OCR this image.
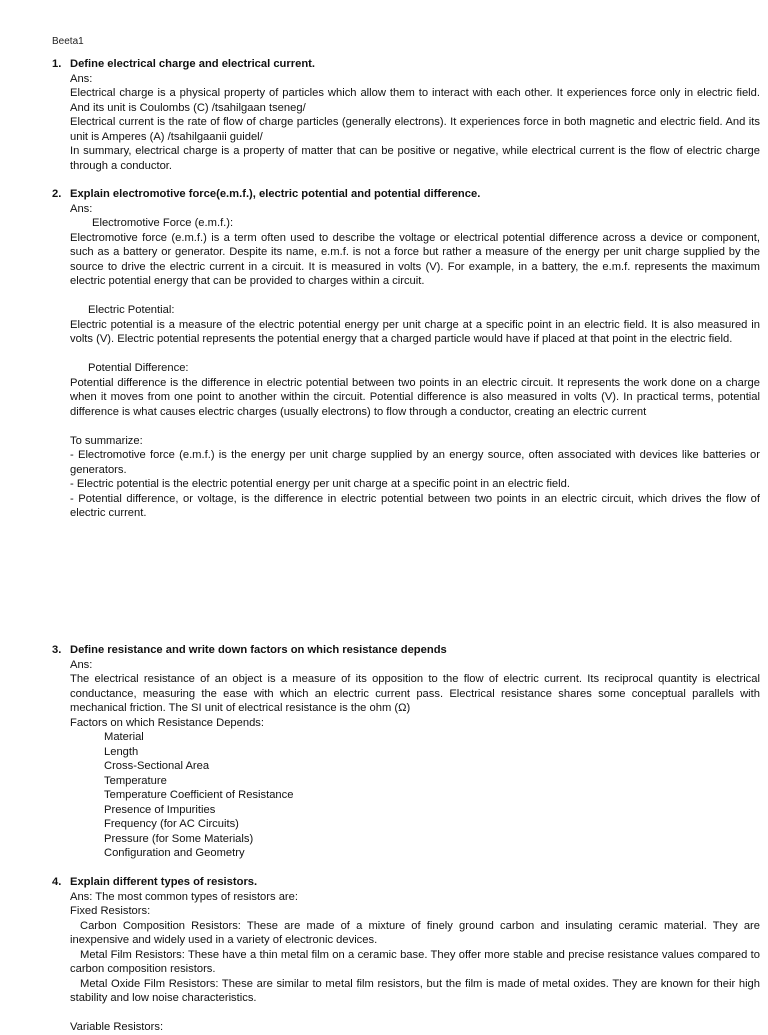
Beeta1
1. Define electrical charge and electrical current.
Ans:
Electrical charge is a physical property of particles which allow them to interact with each other. It experiences force only in electric field. And its unit is Coulombs (C) /tsahilgaan tseneg/
Electrical current is the rate of flow of charge particles (generally electrons). It experiences force in both magnetic and electric field. And its unit is Amperes (A) /tsahilgaanii guidel/
In summary, electrical charge is a property of matter that can be positive or negative, while electrical current is the flow of electric charge through a conductor.
2. Explain electromotive force(e.m.f.), electric potential and potential difference.
Ans:
Electromotive Force (e.m.f.):
Electromotive force (e.m.f.) is a term often used to describe the voltage or electrical potential difference across a device or component, such as a battery or generator. Despite its name, e.m.f. is not a force but rather a measure of the energy per unit charge supplied by the source to drive the electric current in a circuit. It is measured in volts (V). For example, in a battery, the e.m.f. represents the maximum electric potential energy that can be provided to charges within a circuit.
Electric Potential:
Electric potential is a measure of the electric potential energy per unit charge at a specific point in an electric field. It is also measured in volts (V). Electric potential represents the potential energy that a charged particle would have if placed at that point in the electric field.
Potential Difference:
Potential difference is the difference in electric potential between two points in an electric circuit. It represents the work done on a charge when it moves from one point to another within the circuit. Potential difference is also measured in volts (V). In practical terms, potential difference is what causes electric charges (usually electrons) to flow through a conductor, creating an electric current
To summarize:
- Electromotive force (e.m.f.) is the energy per unit charge supplied by an energy source, often associated with devices like batteries or generators.
- Electric potential is the electric potential energy per unit charge at a specific point in an electric field.
- Potential difference, or voltage, is the difference in electric potential between two points in an electric circuit, which drives the flow of electric current.
3. Define resistance and write down factors on which resistance depends
Ans:
The electrical resistance of an object is a measure of its opposition to the flow of electric current. Its reciprocal quantity is electrical conductance, measuring the ease with which an electric current pass. Electrical resistance shares some conceptual parallels with mechanical friction. The SI unit of electrical resistance is the ohm (Ω)
Factors on which Resistance Depends:
Material
Length
Cross-Sectional Area
Temperature
Temperature Coefficient of Resistance
Presence of Impurities
Frequency (for AC Circuits)
Pressure (for Some Materials)
Configuration and Geometry
4. Explain different types of resistors.
Ans: The most common types of resistors are:
Fixed Resistors:
Carbon Composition Resistors: These are made of a mixture of finely ground carbon and insulating ceramic material. They are inexpensive and widely used in a variety of electronic devices.
Metal Film Resistors: These have a thin metal film on a ceramic base. They offer more stable and precise resistance values compared to carbon composition resistors.
Metal Oxide Film Resistors: These are similar to metal film resistors, but the film is made of metal oxides. They are known for their high stability and low noise characteristics.
Variable Resistors:
